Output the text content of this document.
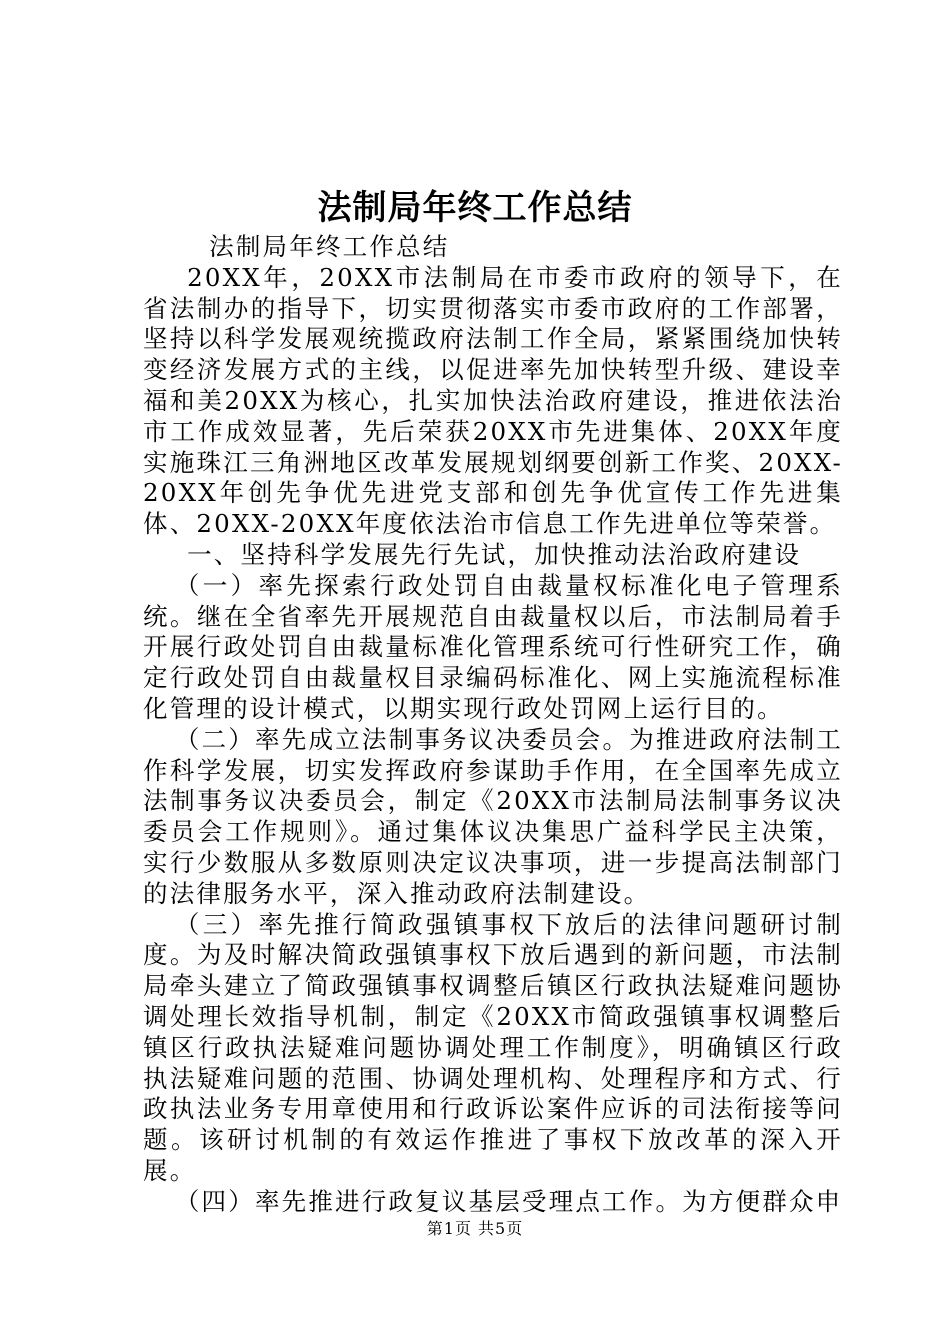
法制局年终工作总结

法制局年终工作总结

20XX年，20XX市法制局在市委市政府的领导下，在省法制办的指导下，切实贯彻落实市委市政府的工作部署，坚持以科学发展观统揽政府法制工作全局，紧紧围绕加快转变经济发展方式的主线，以促进率先加快转型升级、建设幸福和美20XX为核心，扎实加快法治政府建设，推进依法治市工作成效显著，先后荣获20XX市先进集体、20XX年度实施珠江三角洲地区改革发展规划纲要创新工作奖、20XX-20XX年创先争优先进党支部和创先争优宣传工作先进集体、20XX-20XX年度依法治市信息工作先进单位等荣誉。

一、坚持科学发展先行先试，加快推动法治政府建设

（一）率先探索行政处罚自由裁量权标准化电子管理系统。继在全省率先开展规范自由裁量权以后，市法制局着手开展行政处罚自由裁量标准化管理系统可行性研究工作，确定行政处罚自由裁量权目录编码标准化、网上实施流程标准化管理的设计模式，以期实现行政处罚网上运行目的。

（二）率先成立法制事务议决委员会。为推进政府法制工作科学发展，切实发挥政府参谋助手作用，在全国率先成立法制事务议决委员会，制定《20XX市法制局法制事务议决委员会工作规则》。通过集体议决集思广益科学民主决策，实行少数服从多数原则决定议决事项，进一步提高法制部门的法律服务水平，深入推动政府法制建设。

（三）率先推行简政强镇事权下放后的法律问题研讨制度。为及时解决简政强镇事权下放后遇到的新问题，市法制局牵头建立了简政强镇事权调整后镇区行政执法疑难问题协调处理长效指导机制，制定《20XX市简政强镇事权调整后镇区行政执法疑难问题协调处理工作制度》，明确镇区行政执法疑难问题的范围、协调处理机构、处理程序和方式、行政执法业务专用章使用和行政诉讼案件应诉的司法衔接等问题。该研讨机制的有效运作推进了事权下放改革的深入开展。

（四）率先推进行政复议基层受理点工作。为方便群众申

第1页 共5页
